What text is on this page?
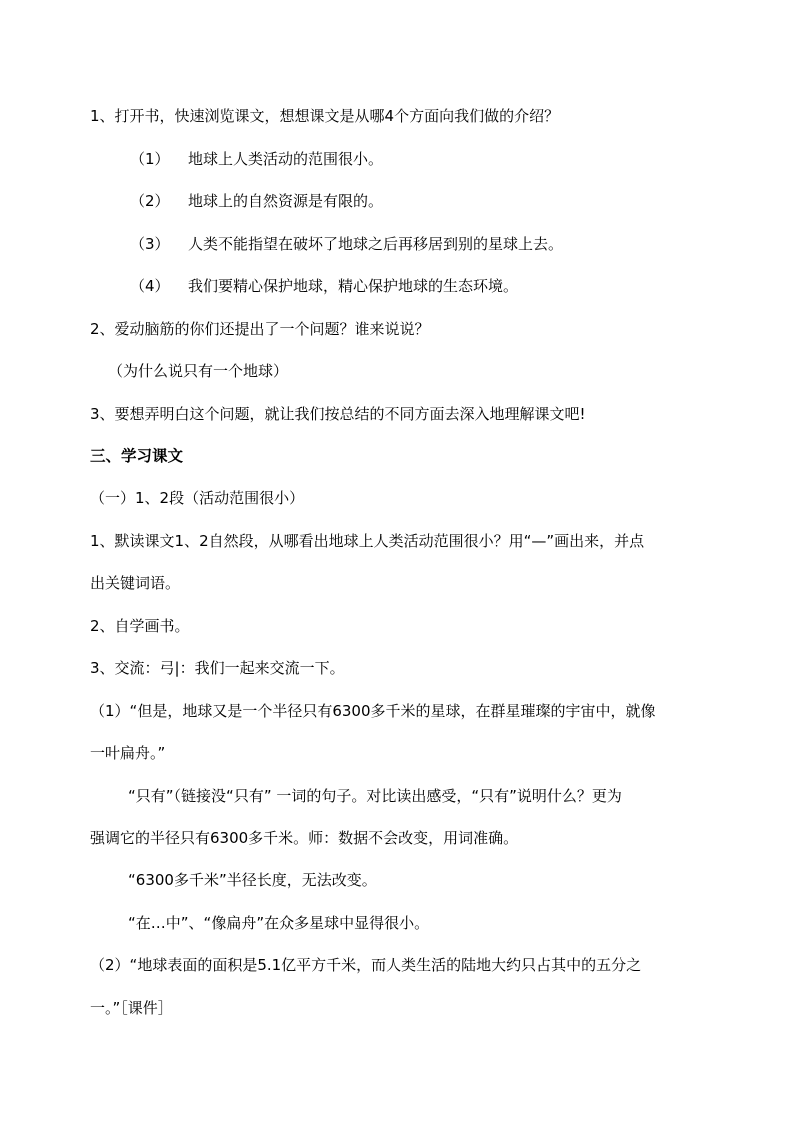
1、打开书，快速浏览课文，想想课文是从哪4个方面向我们做的介绍？
（1） 地球上人类活动的范围很小。
（2） 地球上的自然资源是有限的。
（3） 人类不能指望在破坏了地球之后再移居到别的星球上去。
（4） 我们要精心保护地球，精心保护地球的生态环境。
2、爱动脑筋的你们还提出了一个问题？谁来说说？
（为什么说只有一个地球）
3、要想弄明白这个问题，就让我们按总结的不同方面去深入地理解课文吧!
三、学习课文
（一）1、2段（活动范围很小）
1、默读课文1、2自然段，从哪看出地球上人类活动范围很小？用“—”画出来，并点
出关键词语。
2、自学画书。
3、交流：弓|：我们一起来交流一下。
（1）“但是，地球又是一个半径只有6300多千米的星球，在群星璀璨的宇宙中，就像
一叶扁舟。”
“只有”（链接没“只有” 一词的句子。对比读出感受，“只有”说明什么？更为
强调它的半径只有6300多千米。师：数据不会改变，用词准确。
“6300多千米”半径长度，无法改变。
“在…中”、“像扁舟”在众多星球中显得很小。
（2）“地球表面的面积是5.1亿平方千米，而人类生活的陆地大约只占其中的五分之
一。”［课件］
